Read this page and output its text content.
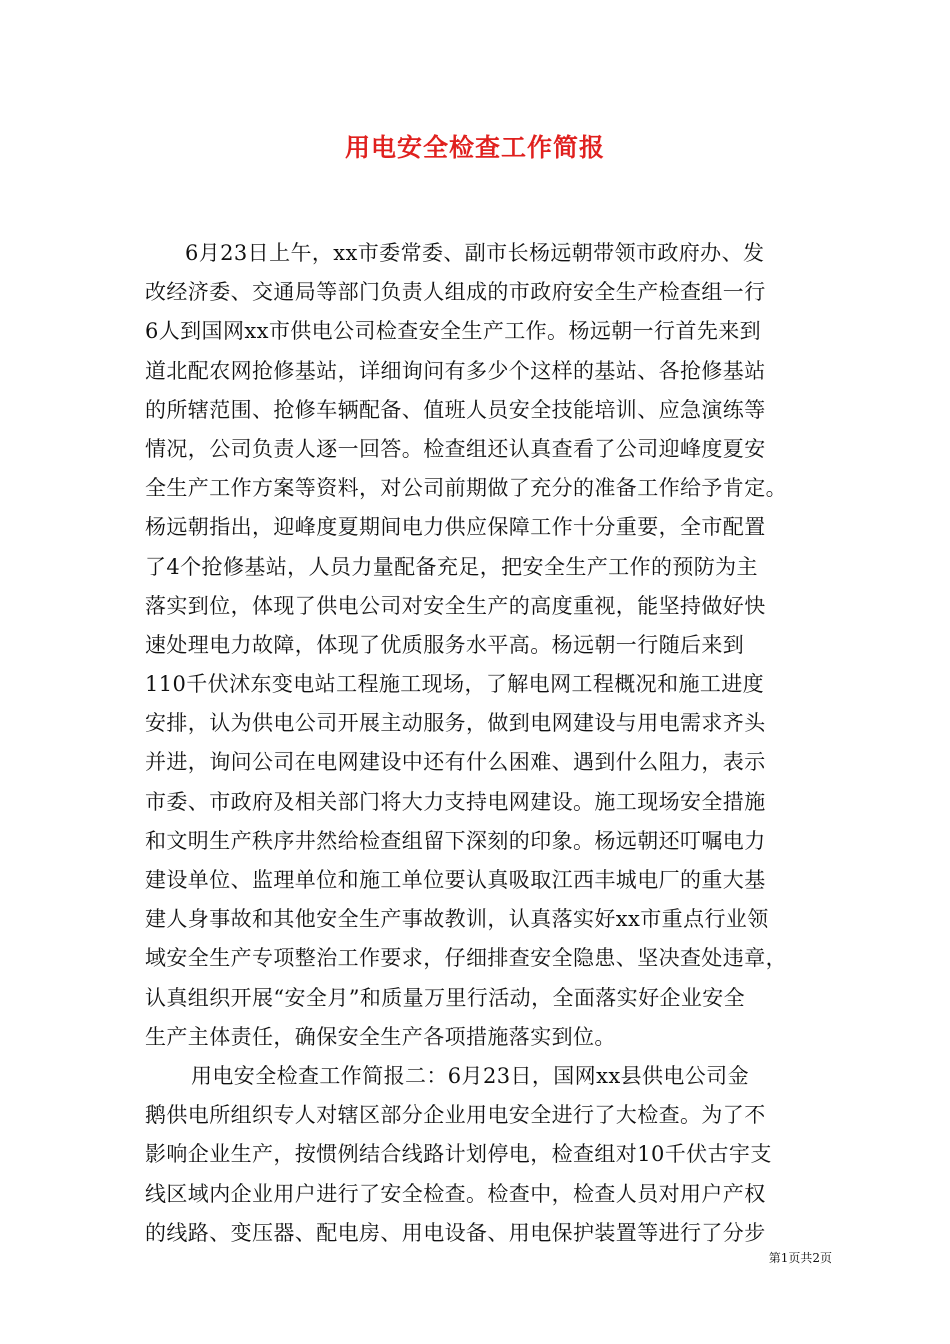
用电安全检查工作简报
6月23日上午，xx市委常委、副市长杨远朝带领市政府办、发
改经济委、交通局等部门负责人组成的市政府安全生产检查组一行
6人到国网xx市供电公司检查安全生产工作。杨远朝一行首先来到
道北配农网抢修基站，详细询问有多少个这样的基站、各抢修基站
的所辖范围、抢修车辆配备、值班人员安全技能培训、应急演练等
情况，公司负责人逐一回答。检查组还认真查看了公司迎峰度夏安
全生产工作方案等资料，对公司前期做了充分的准备工作给予肯定。
杨远朝指出，迎峰度夏期间电力供应保障工作十分重要，全市配置
了4个抢修基站，人员力量配备充足，把安全生产工作的预防为主
落实到位，体现了供电公司对安全生产的高度重视，能坚持做好快
速处理电力故障，体现了优质服务水平高。杨远朝一行随后来到
110千伏沭东变电站工程施工现场，了解电网工程概况和施工进度
安排，认为供电公司开展主动服务，做到电网建设与用电需求齐头
并进，询问公司在电网建设中还有什么困难、遇到什么阻力，表示
市委、市政府及相关部门将大力支持电网建设。施工现场安全措施
和文明生产秩序井然给检查组留下深刻的印象。杨远朝还叮嘱电力
建设单位、监理单位和施工单位要认真吸取江西丰城电厂的重大基
建人身事故和其他安全生产事故教训，认真落实好xx市重点行业领
域安全生产专项整治工作要求，仔细排查安全隐患、坚决查处违章，
认真组织开展“安全月”和质量万里行活动，全面落实好企业安全
生产主体责任，确保安全生产各项措施落实到位。
用电安全检查工作简报二：6月23日，国网xx县供电公司金
鹅供电所组织专人对辖区部分企业用电安全进行了大检查。为了不
影响企业生产，按惯例结合线路计划停电，检查组对10千伏古宇支
线区域内企业用户进行了安全检查。检查中，检查人员对用户产权
的线路、变压器、配电房、用电设备、用电保护装置等进行了分步
第1页共2页
